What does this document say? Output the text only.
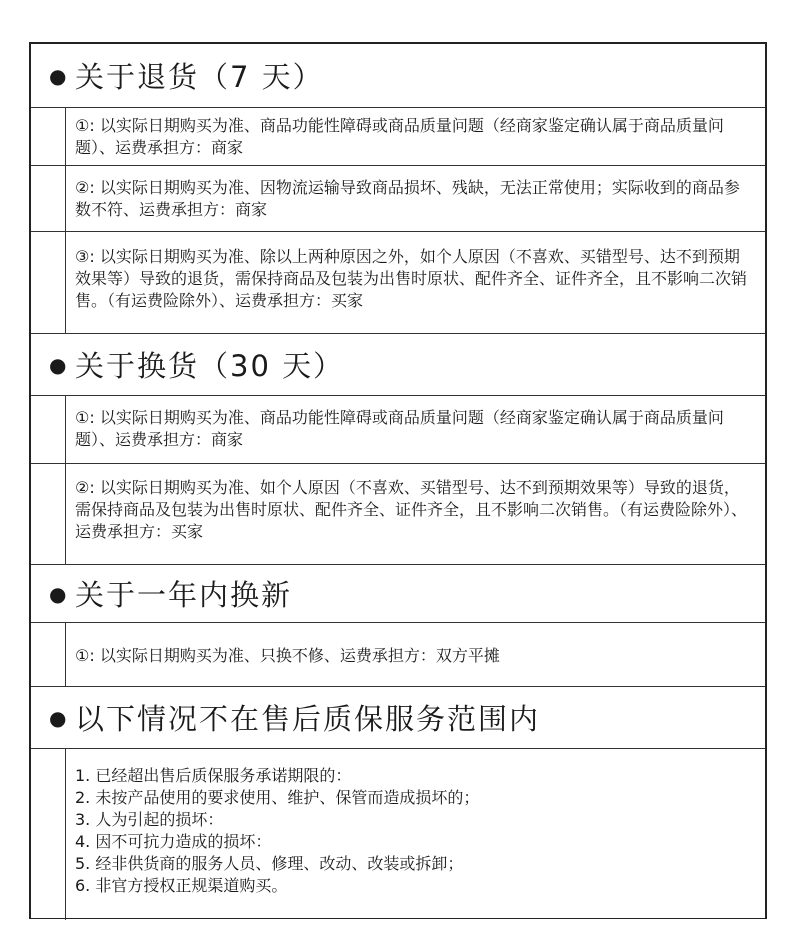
● 关于退货（7 天）
①: 以实际日期购买为准、商品功能性障碍或商品质量问题（经商家鉴定确认属于商品质量问题）、运费承担方：商家
②: 以实际日期购买为准、因物流运输导致商品损坏、残缺，无法正常使用；实际收到的商品参数不符、运费承担方：商家
③: 以实际日期购买为准、除以上两种原因之外，如个人原因（不喜欢、买错型号、达不到预期效果等）导致的退货，需保持商品及包装为出售时原状、配件齐全、证件齐全，且不影响二次销售。（有运费险除外）、运费承担方：买家
● 关于换货（30 天）
①: 以实际日期购买为准、商品功能性障碍或商品质量问题（经商家鉴定确认属于商品质量问题）、运费承担方：商家
②: 以实际日期购买为准、如个人原因（不喜欢、买错型号、达不到预期效果等）导致的退货，需保持商品及包装为出售时原状、配件齐全、证件齐全，且不影响二次销售。（有运费险除外）、运费承担方：买家
● 关于一年内换新
①: 以实际日期购买为准、只换不修、运费承担方：双方平摊
● 以下情况不在售后质保服务范围内
1. 已经超出售后质保服务承诺期限的：
2. 未按产品使用的要求使用、维护、保管而造成损坏的；
3. 人为引起的损坏：
4. 因不可抗力造成的损坏：
5. 经非供货商的服务人员、修理、改动、改装或拆卸；
6. 非官方授权正规渠道购买。
